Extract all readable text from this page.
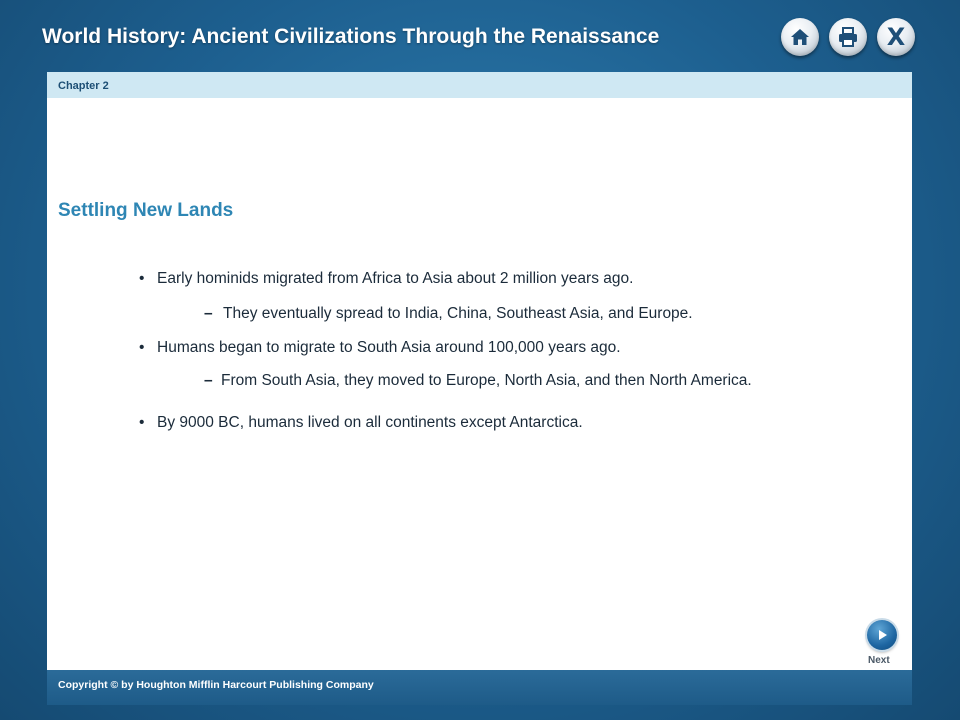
World History: Ancient Civilizations Through the Renaissance	X
Chapter 2
Settling New Lands
• Early hominids migrated from Africa to Asia about 2 million years ago.
– They eventually spread to India, China, Southeast Asia, and Europe.
• Humans began to migrate to South Asia around 100,000 years ago.
– From South Asia, they moved to Europe, North Asia, and then North America.
• By 9000 BC, humans lived on all continents except Antarctica.
Next
Copyright © by Houghton Mifflin Harcourt Publishing Company
